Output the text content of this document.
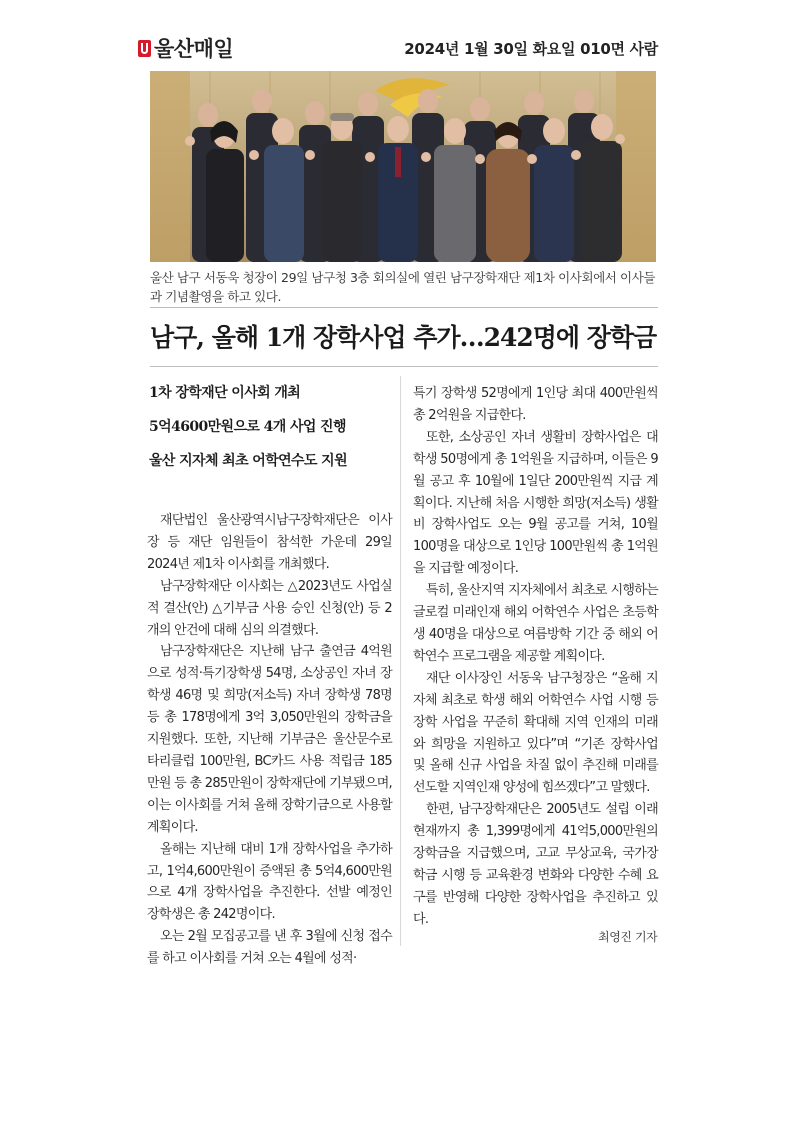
울산매일	2024년 1월 30일 화요일 010면 사람
울산 남구 서동욱 청장이 29일 남구청 3층 회의실에 열린 남구장학재단 제1차 이사회에서 이사들과 기념촬영을 하고 있다.
남구, 올해 1개 장학사업 추가…242명에 장학금
1차 장학재단 이사회 개최
5억4600만원으로 4개 사업 진행
울산 지자체 최초 어학연수도 지원

재단법인 울산광역시남구장학재단은 이사장 등 재단 임원들이 참석한 가운데 29일 2024년 제1차 이사회를 개최했다.

남구장학재단 이사회는 △2023년도 사업실적 결산(안) △기부금 사용 승인 신청(안) 등 2개의 안건에 대해 심의 의결했다.

남구장학재단은 지난해 남구 출연금 4억원으로 성적·특기장학생 54명, 소상공인 자녀 장학생 46명 및 희망(저소득) 자녀 장학생 78명 등 총 178명에게 3억 3,050만원의 장학금을 지원했다. 또한, 지난해 기부금은 울산문수로타리클럽 100만원, BC카드 사용 적립금 185만원 등 총 285만원이 장학재단에 기부됐으며, 이는 이사회를 거쳐 올해 장학기금으로 사용할 계획이다.

올해는 지난해 대비 1개 장학사업을 추가하고, 1억4,600만원이 증액된 총 5억4,600만원으로 4개 장학사업을 추진한다. 선발 예정인 장학생은 총 242명이다.

오는 2월 모집공고를 낸 후 3월에 신청 접수를 하고 이사회를 거쳐 오는 4월에 성적·

특기 장학생 52명에게 1인당 최대 400만원씩 총 2억원을 지급한다.

또한, 소상공인 자녀 생활비 장학사업은 대학생 50명에게 총 1억원을 지급하며, 이들은 9월 공고 후 10월에 1일단 200만원씩 지급 계획이다. 지난해 처음 시행한 희망(저소득) 생활비 장학사업도 오는 9월 공고를 거쳐, 10월 100명을 대상으로 1인당 100만원씩 총 1억원을 지급할 예정이다.

특히, 울산지역 지자체에서 최초로 시행하는 글로컬 미래인재 해외 어학연수 사업은 초등학생 40명을 대상으로 여름방학 기간 중 해외 어학연수 프로그램을 제공할 계획이다.

재단 이사장인 서동욱 남구청장은 “올해 지자체 최초로 학생 해외 어학연수 사업 시행 등 장학 사업을 꾸준히 확대해 지역 인재의 미래와 희망을 지원하고 있다”며 “기존 장학사업 및 올해 신규 사업을 차질 없이 추진해 미래를 선도할 지역인재 양성에 힘쓰겠다”고 말했다.

한편, 남구장학재단은 2005년도 설립 이래 현재까지 총 1,399명에게 41억5,000만원의 장학금을 지급했으며, 고교 무상교육, 국가장학금 시행 등 교육환경 변화와 다양한 수혜 요구를 반영해 다양한 장학사업을 추진하고 있다.

최영진 기자
